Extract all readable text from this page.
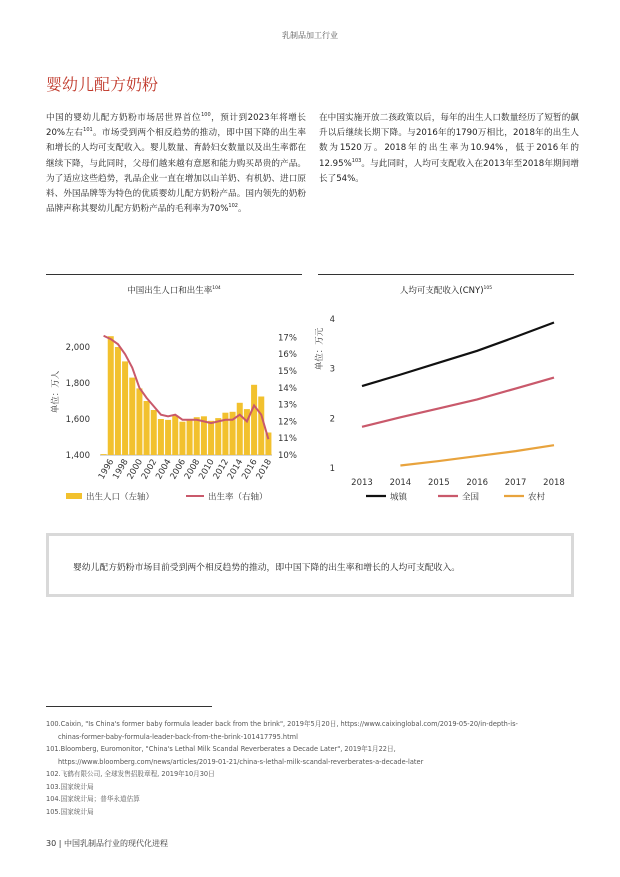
乳制品加工行业
婴幼儿配方奶粉
中国的婴幼儿配方奶粉市场居世界首位$^{100}$，预计到2023年将增长20%左右$^{101}$。市场受到两个相反趋势的推动，即中国下降的出生率和增长的人均可支配收入。婴儿数量、育龄妇女数量以及出生率都在继续下降，与此同时，父母们越来越有意愿和能力购买昂贵的产品。为了适应这些趋势，乳品企业一直在增加以山羊奶、有机奶、进口原料、外国品牌等为特色的优质婴幼儿配方奶粉产品。国内领先的奶粉品牌声称其婴幼儿配方奶粉产品的毛利率为70%$^{102}$。
在中国实施开放二孩政策以后，每年的出生人口数量经历了短暂的飙升以后继续长期下降。与2016年的1790万相比，2018年的出生人数为1520万。2018年的出生率为10.94%，低于2016年的12.95%$^{103}$。与此同时，人均可支配收入在2013年至2018年期间增长了54%。
中国出生人口和出生率$^{104}$
1,400
1,600
1,800
2,000
10%
11%
12%
13%
14%
15%
16%
17%
单位：万人
1996
1998
2000
2002
2004
2006
2008
2010
2012
2014
2016
2018
出生人口（左轴）	出生率（右轴）
人均可支配收入(CNY)$^{105}$
单位：万元
1
2
3
4
2013 2014 2015 2016 2017 2018
城镇	全国	农村
婴幼儿配方奶粉市场目前受到两个相反趋势的推动，即中国下降的出生率和增长的人均可支配收入。
100.Caixin, "Is China's former baby formula leader back from the brink", 2019年5月20日, https://www.caixinglobal.com/2019-05-20/in-depth-is-
chinas-former-baby-formula-leader-back-from-the-brink-101417795.html
101.Bloomberg, Euromonitor, "China's Lethal Milk Scandal Reverberates a Decade Later", 2019年1月22日,
https://www.bloomberg.com/news/articles/2019-01-21/china-s-lethal-milk-scandal-reverberates-a-decade-later
102.飞鹤有限公司, 全球发售招股章程, 2019年10月30日
103.国家统计局
104.国家统计局；普华永道估算
105.国家统计局
30 | 中国乳制品行业的现代化进程
